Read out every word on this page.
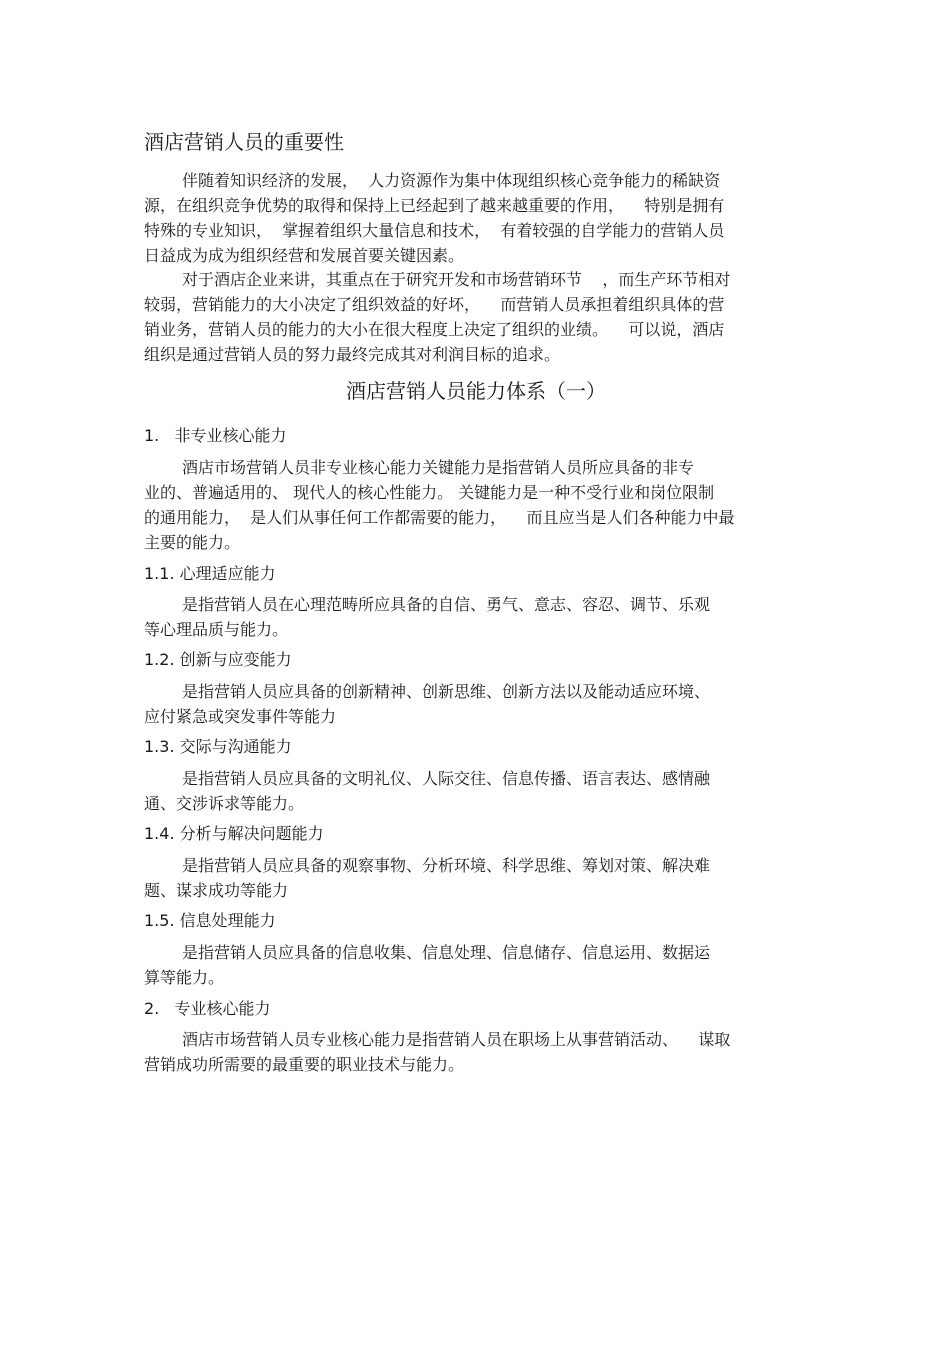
酒店营销人员的重要性
伴随着知识经济的发展，  人力资源作为集中体现组织核心竞争能力的稀缺资
源，在组织竞争优势的取得和保持上已经起到了越来越重要的作用，    特别是拥有
特殊的专业知识，  掌握着组织大量信息和技术，  有着较强的自学能力的营销人员
日益成为成为组织经营和发展首要关键因素。
对于酒店企业来讲，其重点在于研究开发和市场营销环节    ，而生产环节相对
较弱，营销能力的大小决定了组织效益的好坏，    而营销人员承担着组织具体的营
销业务，营销人员的能力的大小在很大程度上决定了组织的业绩。    可以说，酒店
组织是通过营销人员的努力最终完成其对利润目标的追求。
酒店营销人员能力体系（一）
1.   非专业核心能力
酒店市场营销人员非专业核心能力关键能力是指营销人员所应具备的非专
业的、普遍适用的、 现代人的核心性能力。 关键能力是一种不受行业和岗位限制
的通用能力，  是人们从事任何工作都需要的能力，    而且应当是人们各种能力中最
主要的能力。
1.1. 心理适应能力
是指营销人员在心理范畴所应具备的自信、勇气、意志、容忍、调节、乐观
等心理品质与能力。
1.2. 创新与应变能力
是指营销人员应具备的创新精神、创新思维、创新方法以及能动适应环境、
应付紧急或突发事件等能力
1.3. 交际与沟通能力
是指营销人员应具备的文明礼仪、人际交往、信息传播、语言表达、感情融
通、交涉诉求等能力。
1.4. 分析与解决问题能力
是指营销人员应具备的观察事物、分析环境、科学思维、筹划对策、解决难
题、谋求成功等能力
1.5. 信息处理能力
是指营销人员应具备的信息收集、信息处理、信息储存、信息运用、数据运
算等能力。
2.   专业核心能力
酒店市场营销人员专业核心能力是指营销人员在职场上从事营销活动、    谋取
营销成功所需要的最重要的职业技术与能力。
